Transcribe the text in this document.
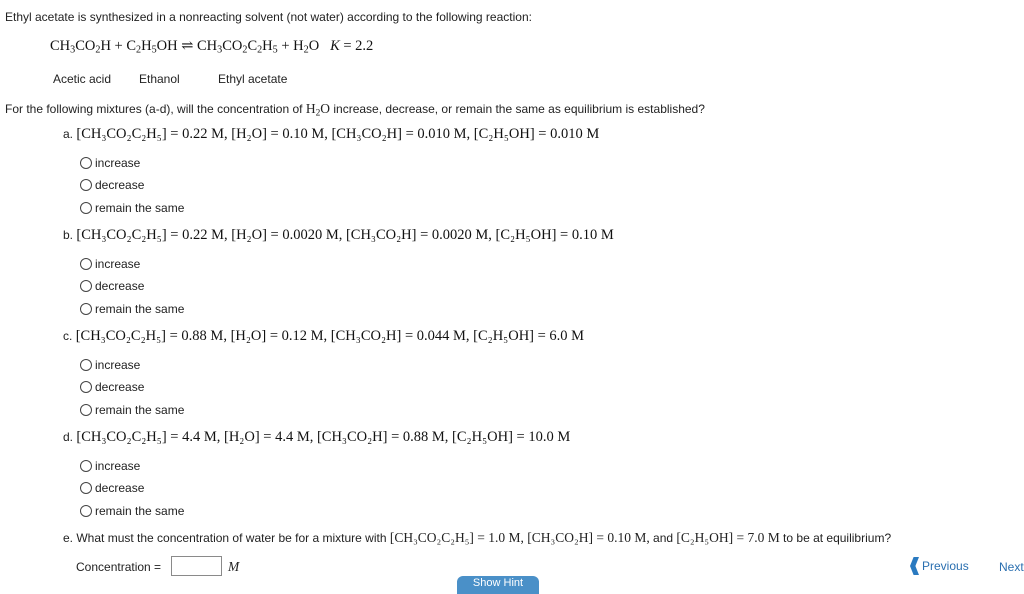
Ethyl acetate is synthesized in a nonreacting solvent (not water) according to the following reaction:
$CH_3CO_2H + C_2H_5OH$ ⇌ $CH_3CO_2C_2H_5 + H_2O$ K = 2.2
Acetic acid Ethanol	Ethyl acetate
For the following mixtures (a-d), will the concentration of $H_2O$ increase, decrease, or remain the same as equilibrium is established?
a. [CH₃CO₂C₂H₅] = 0.22 M, [H₂O] = 0.10 M, [CH₃CO₂H] = 0.010 M, [C₂H₅OH] = 0.010 M
increase
decrease
remain the same
b. [CH₃CO₂C₂H₅] = 0.22 M, [H₂O] = 0.0020 M, [CH₃CO₂H] = 0.0020 M, [C₂H₅OH] = 0.10 M
increase
decrease
remain the same
c. [CH₃CO₂C₂H₅] = 0.88 M, [H₂O] = 0.12 M, [CH₃CO₂H] = 0.044 M, [C₂H₅OH] = 6.0 M
increase
decrease
remain the same
d. [CH₃CO₂C₂H₅] = 4.4 M, [H₂O] = 4.4 M, [CH₃CO₂H] = 0.88 M, [C₂H₅OH] = 10.0 M
increase
decrease
remain the same
e. What must the concentration of water be for a mixture with [CH₃CO₂C₂H₅] = 1.0 M, [CH₃CO₂H] = 0.10 M, and [C₂H₅OH] = 7.0 M to be at equilibrium?
Concentration =	M
Show Hint
Previous	Next
